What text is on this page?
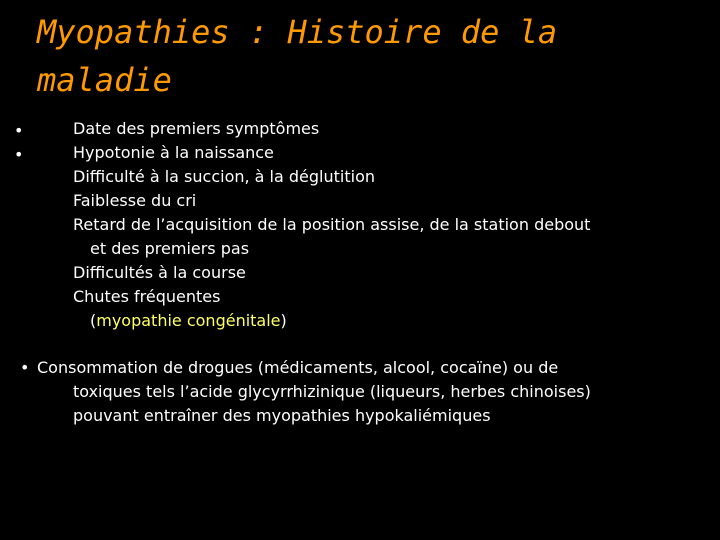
Myopathies : Histoire de la maladie
•
•
Date des premiers symptômes
Hypotonie à la naissance
Difficulté à la succion, à la déglutition
Faiblesse du cri
Retard de l’acquisition de la position assise, de la station debout
et des premiers pas
Difficultés à la course
Chutes fréquentes
(myopathie congénitale)
• Consommation de drogues (médicaments, alcool, cocaïne) ou de
toxiques tels l’acide glycyrrhizinique (liqueurs, herbes chinoises)
pouvant entraîner des myopathies hypokaliémiques
